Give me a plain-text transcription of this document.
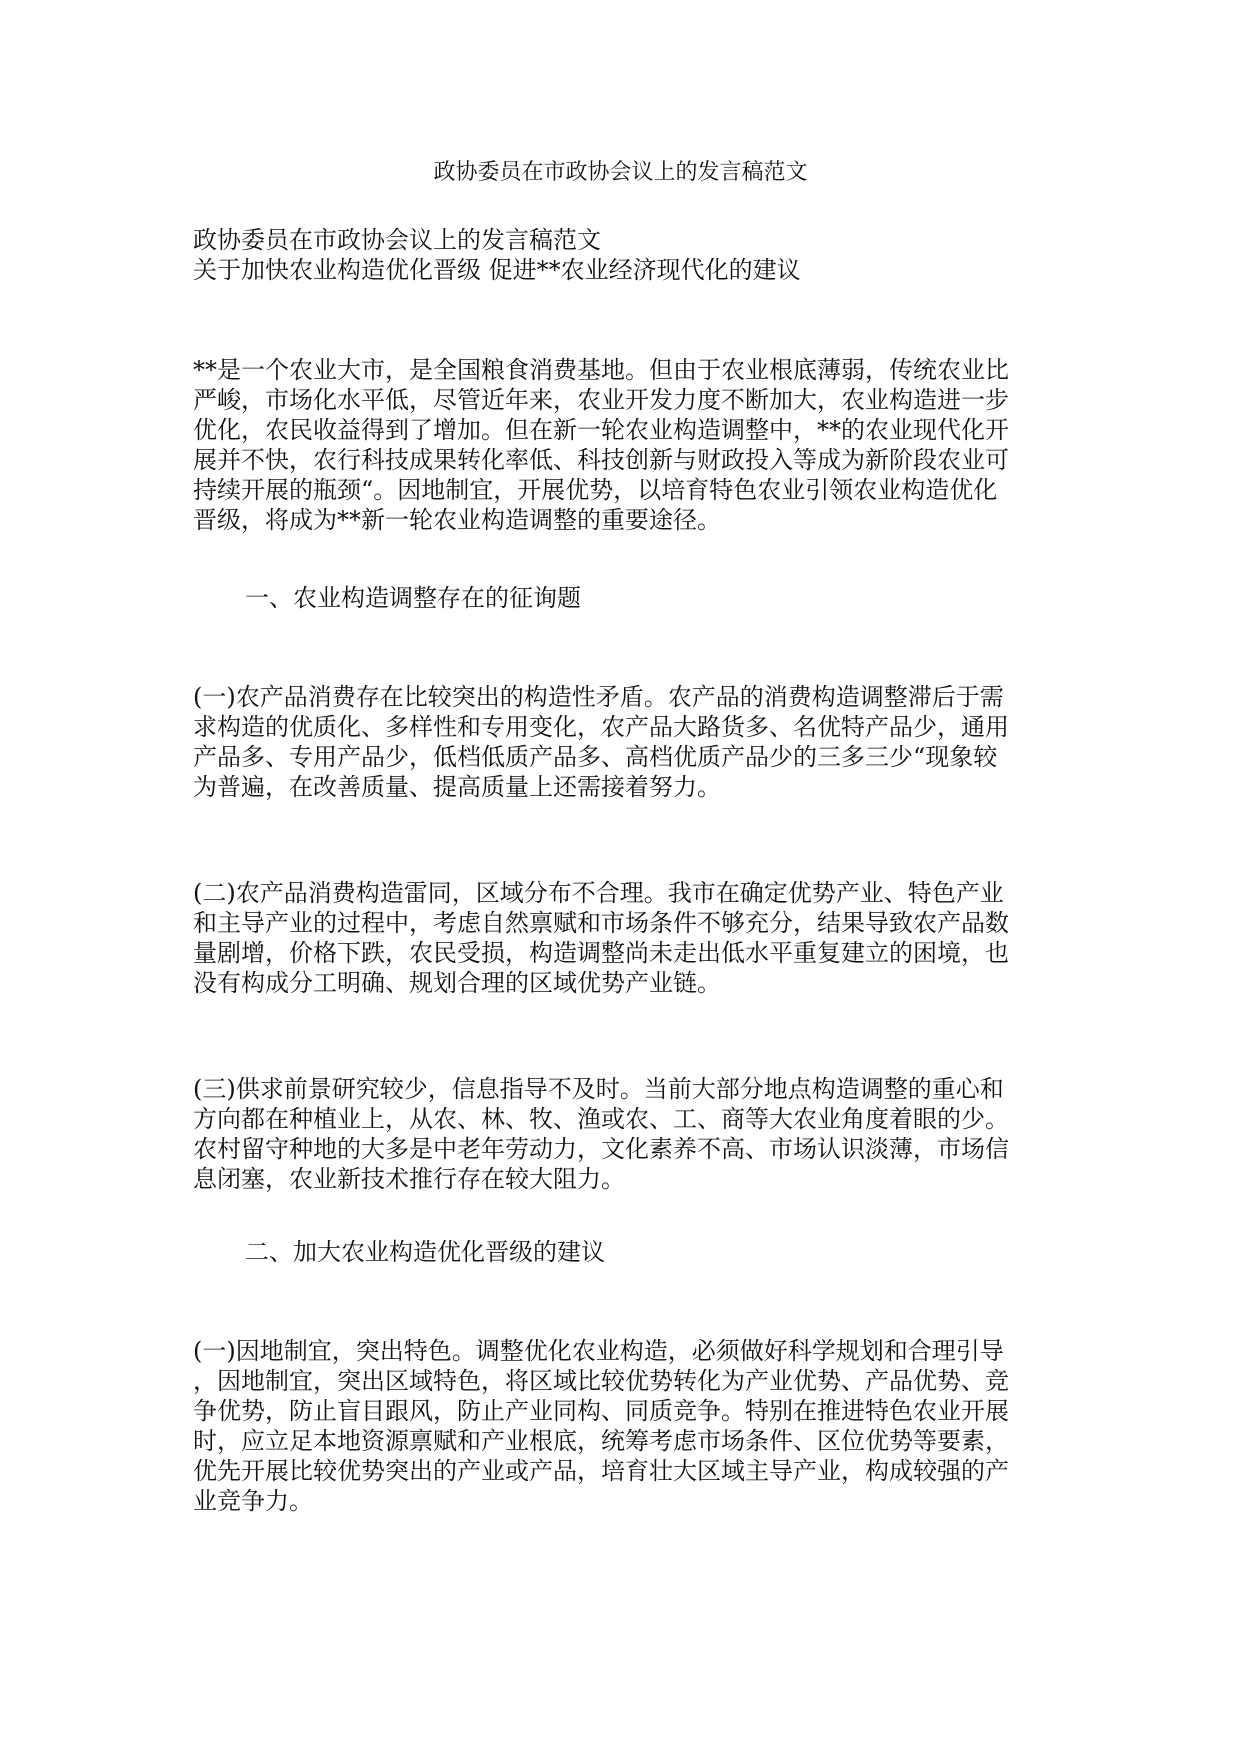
政协委员在市政协会议上的发言稿范文

政协委员在市政协会议上的发言稿范文
关于加快农业构造优化晋级 促进**农业经济现代化的建议

**是一个农业大市，是全国粮食消费基地。但由于农业根底薄弱，传统农业比
严峻，市场化水平低，尽管近年来，农业开发力度不断加大，农业构造进一步
优化，农民收益得到了增加。但在新一轮农业构造调整中，**的农业现代化开
展并不快，农行科技成果转化率低、科技创新与财政投入等成为新阶段农业可
持续开展的瓶颈“。因地制宜，开展优势，以培育特色农业引领农业构造优化
晋级，将成为**新一轮农业构造调整的重要途径。

一、农业构造调整存在的征询题

(一)农产品消费存在比较突出的构造性矛盾。农产品的消费构造调整滞后于需
求构造的优质化、多样性和专用变化，农产品大路货多、名优特产品少，通用
产品多、专用产品少，低档低质产品多、高档优质产品少的三多三少“现象较
为普遍，在改善质量、提高质量上还需接着努力。

(二)农产品消费构造雷同，区域分布不合理。我市在确定优势产业、特色产业
和主导产业的过程中，考虑自然禀赋和市场条件不够充分，结果导致农产品数
量剧增，价格下跌，农民受损，构造调整尚未走出低水平重复建立的困境，也
没有构成分工明确、规划合理的区域优势产业链。

(三)供求前景研究较少，信息指导不及时。当前大部分地点构造调整的重心和
方向都在种植业上，从农、林、牧、渔或农、工、商等大农业角度着眼的少。
农村留守种地的大多是中老年劳动力，文化素养不高、市场认识淡薄，市场信
息闭塞，农业新技术推行存在较大阻力。

二、加大农业构造优化晋级的建议

(一)因地制宜，突出特色。调整优化农业构造，必须做好科学规划和合理引导
，因地制宜，突出区域特色，将区域比较优势转化为产业优势、产品优势、竞
争优势，防止盲目跟风，防止产业同构、同质竞争。特别在推进特色农业开展
时，应立足本地资源禀赋和产业根底，统筹考虑市场条件、区位优势等要素，
优先开展比较优势突出的产业或产品，培育壮大区域主导产业，构成较强的产
业竞争力。
